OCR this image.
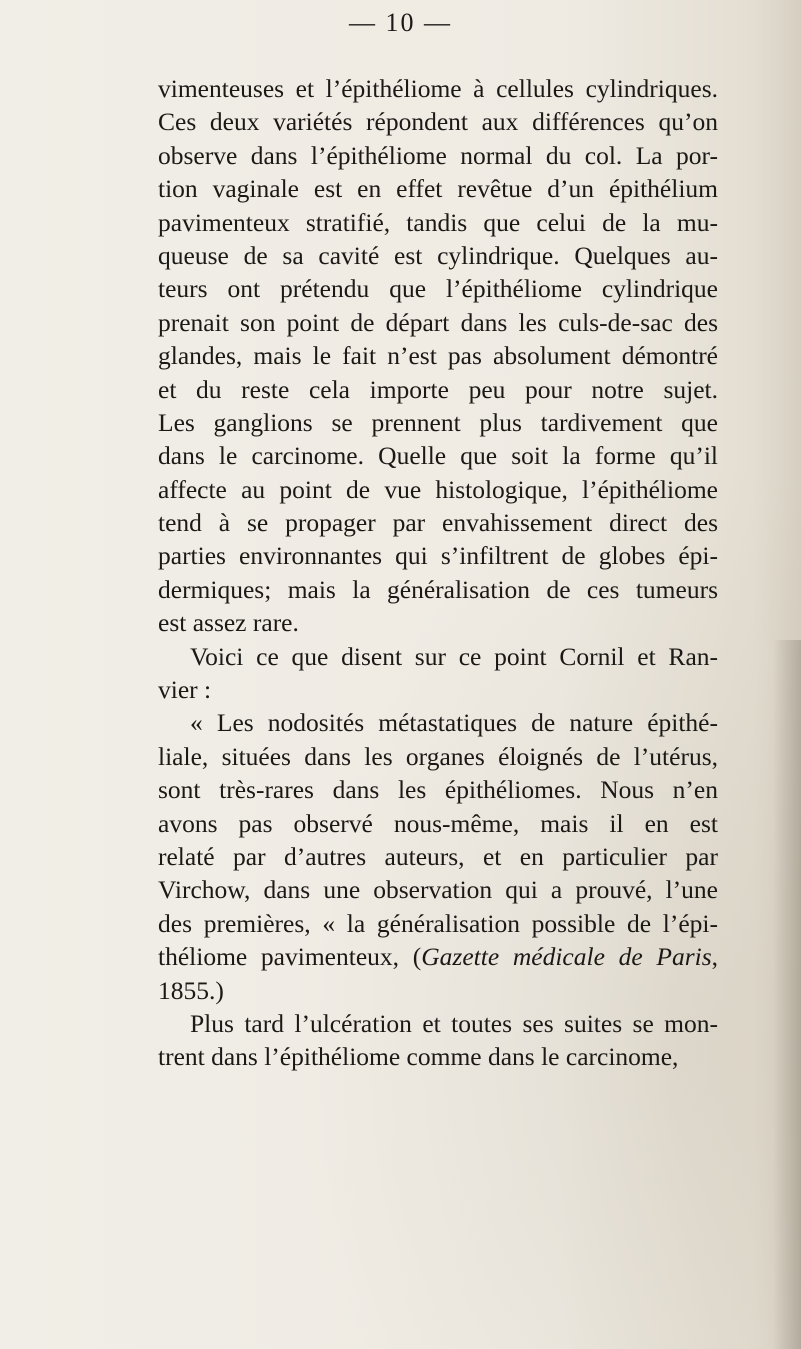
— 10 —
vimenteuses et l’épithéliome à cellules cylindriques.
Ces deux variétés répondent aux différences qu’on
observe dans l’épithéliome normal du col. La por-
tion vaginale est en effet revêtue d’un épithélium
pavimenteux stratifié, tandis que celui de la mu-
queuse de sa cavité est cylindrique. Quelques au-
teurs ont prétendu que l’épithéliome cylindrique
prenait son point de départ dans les culs-de-sac des
glandes, mais le fait n’est pas absolument démontré
et du reste cela importe peu pour notre sujet.
Les ganglions se prennent plus tardivement que
dans le carcinome. Quelle que soit la forme qu’il
affecte au point de vue histologique, l’épithéliome
tend à se propager par envahissement direct des
parties environnantes qui s’infiltrent de globes épi-
dermiques; mais la généralisation de ces tumeurs
est assez rare.
Voici ce que disent sur ce point Cornil et Ran-
vier :
« Les nodosités métastatiques de nature épithé-
liale, situées dans les organes éloignés de l’utérus,
sont très-rares dans les épithéliomes. Nous n’en
avons pas observé nous-même, mais il en est
relaté par d’autres auteurs, et en particulier par
Virchow, dans une observation qui a prouvé, l’une
des premières, « la généralisation possible de l’épi-
théliome pavimenteux, (Gazette médicale de Paris,
1855.)
Plus tard l’ulcération et toutes ses suites se mon-
trent dans l’épithéliome comme dans le carcinome,
